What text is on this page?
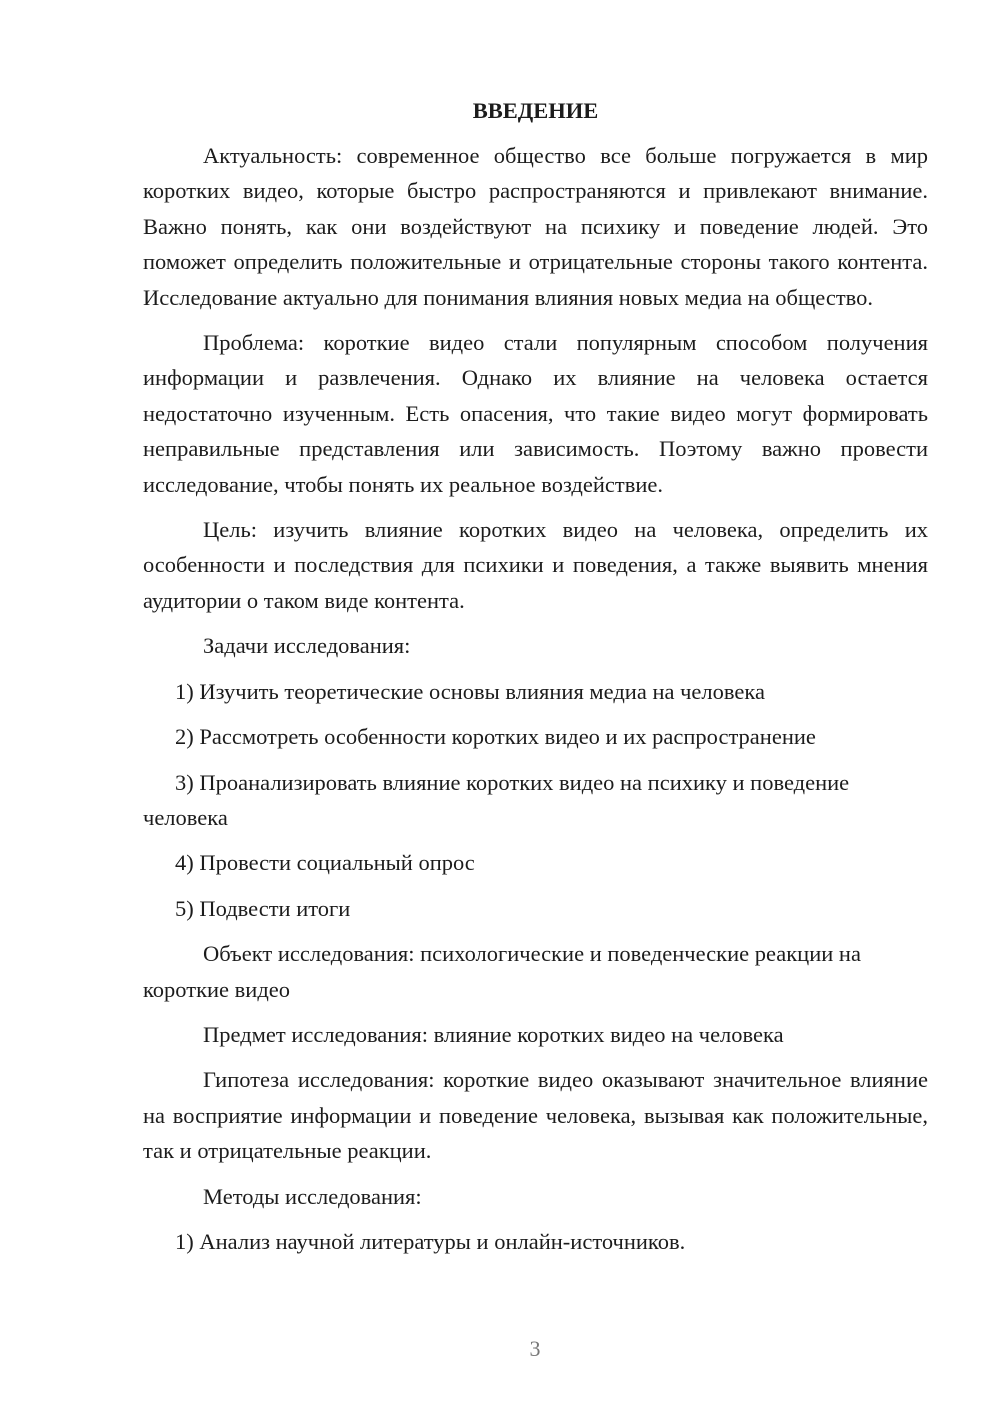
ВВЕДЕНИЕ

Актуальность: современное общество все больше погружается в мир коротких видео, которые быстро распространяются и привлекают внимание. Важно понять, как они воздействуют на психику и поведение людей. Это поможет определить положительные и отрицательные стороны такого контента. Исследование актуально для понимания влияния новых медиа на общество.

Проблема: короткие видео стали популярным способом получения информации и развлечения. Однако их влияние на человека остается недостаточно изученным. Есть опасения, что такие видео могут формировать неправильные представления или зависимость. Поэтому важно провести исследование, чтобы понять их реальное воздействие.

Цель: изучить влияние коротких видео на человека, определить их особенности и последствия для психики и поведения, а также выявить мнения аудитории о таком виде контента.

Задачи исследования:

1) Изучить теоретические основы влияния медиа на человека

2) Рассмотреть особенности коротких видео и их распространение

3) Проанализировать влияние коротких видео на психику и поведение человека

4) Провести социальный опрос

5) Подвести итоги

Объект исследования: психологические и поведенческие реакции на короткие видео

Предмет исследования: влияние коротких видео на человека

Гипотеза исследования: короткие видео оказывают значительное влияние на восприятие информации и поведение человека, вызывая как положительные, так и отрицательные реакции.

Методы исследования:

1) Анализ научной литературы и онлайн-источников.

3
